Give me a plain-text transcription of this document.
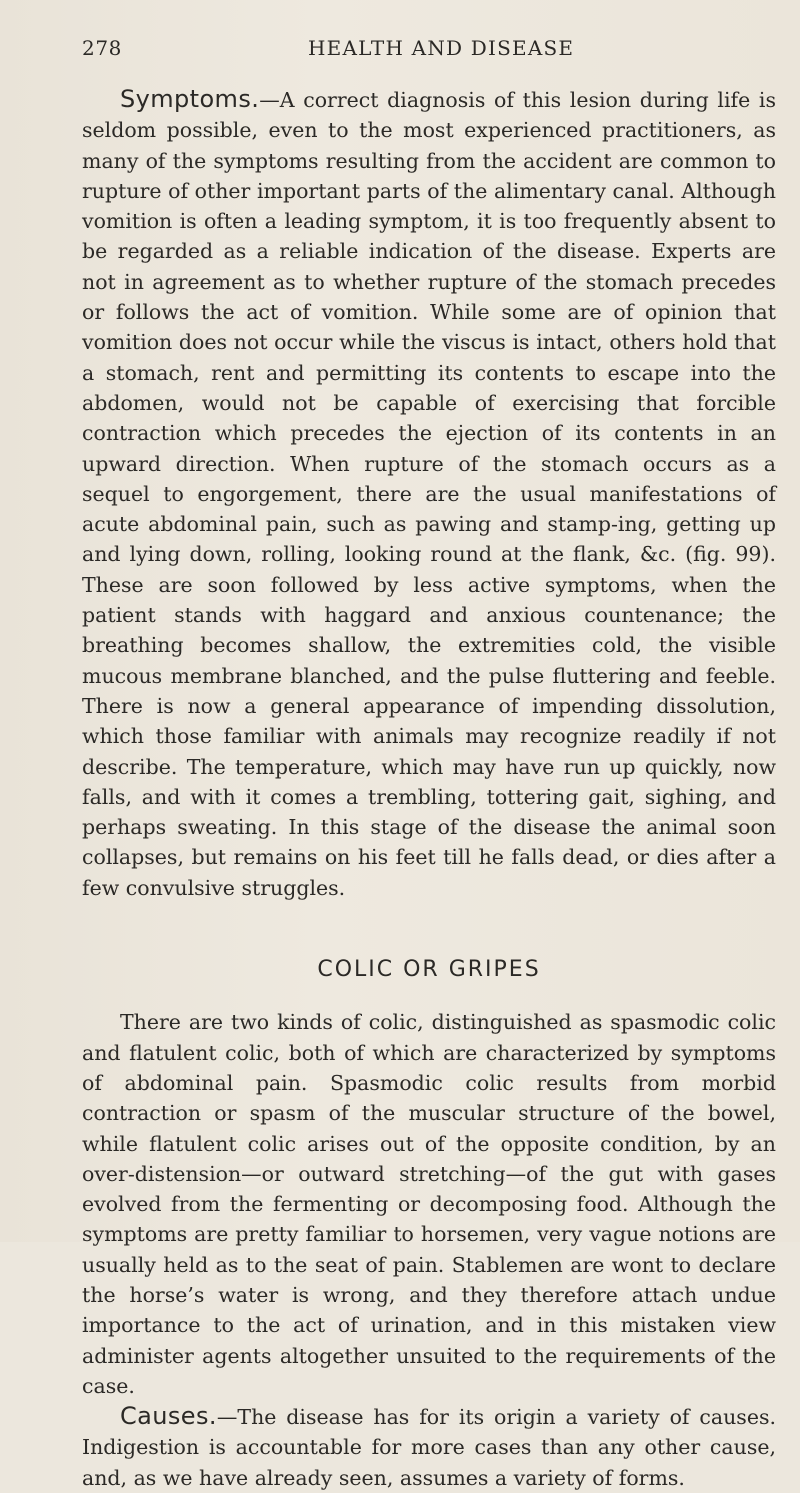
278	HEALTH AND DISEASE

Symptoms.—A correct diagnosis of this lesion during life is seldom possible, even to the most experienced practitioners, as many of the symptoms resulting from the accident are common to rupture of other important parts of the alimentary canal. Although vomition is often a leading symptom, it is too frequently absent to be regarded as a reliable indication of the disease. Experts are not in agreement as to whether rupture of the stomach precedes or follows the act of vomition. While some are of opinion that vomition does not occur while the viscus is intact, others hold that a stomach, rent and permitting its contents to escape into the abdomen, would not be capable of exercising that forcible contraction which precedes the ejection of its contents in an upward direction. When rupture of the stomach occurs as a sequel to engorgement, there are the usual manifestations of acute abdominal pain, such as pawing and stamp-ing, getting up and lying down, rolling, looking round at the flank, &c. (fig. 99). These are soon followed by less active symptoms, when the patient stands with haggard and anxious countenance; the breathing becomes shallow, the extremities cold, the visible mucous membrane blanched, and the pulse fluttering and feeble. There is now a general appearance of impending dissolution, which those familiar with animals may recognize readily if not describe. The temperature, which may have run up quickly, now falls, and with it comes a trembling, tottering gait, sighing, and perhaps sweating. In this stage of the disease the animal soon collapses, but remains on his feet till he falls dead, or dies after a few convulsive struggles.

COLIC OR GRIPES

There are two kinds of colic, distinguished as spasmodic colic and flatulent colic, both of which are characterized by symptoms of abdominal pain. Spasmodic colic results from morbid contraction or spasm of the muscular structure of the bowel, while flatulent colic arises out of the opposite condition, by an over-distension—or outward stretching—of the gut with gases evolved from the fermenting or decomposing food. Although the symptoms are pretty familiar to horsemen, very vague notions are usually held as to the seat of pain. Stablemen are wont to declare the horse’s water is wrong, and they therefore attach undue importance to the act of urination, and in this mistaken view administer agents altogether unsuited to the requirements of the case.

Causes.—The disease has for its origin a variety of causes. Indigestion is accountable for more cases than any other cause, and, as we have already seen, assumes a variety of forms.
